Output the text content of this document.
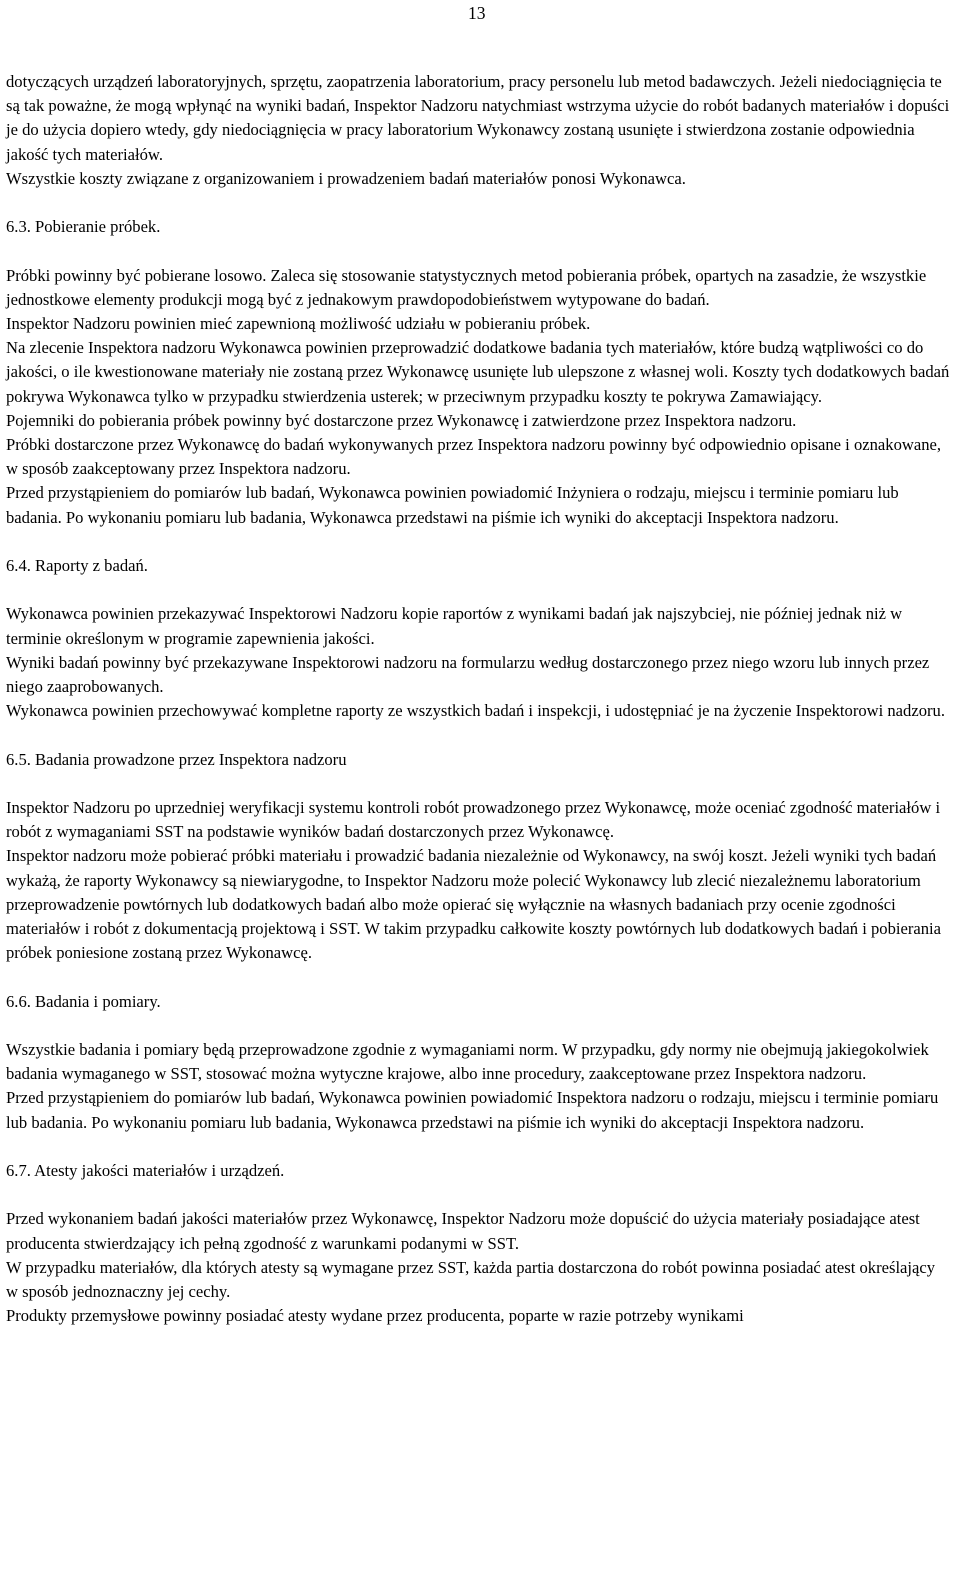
13

dotyczących urządzeń laboratoryjnych, sprzętu, zaopatrzenia laboratorium, pracy personelu lub metod badawczych. Jeżeli niedociągnięcia te są tak poważne, że mogą wpłynąć na wyniki badań, Inspektor Nadzoru natychmiast wstrzyma użycie do robót badanych materiałów i dopuści je do użycia dopiero wtedy, gdy niedociągnięcia w pracy laboratorium Wykonawcy zostaną usunięte i stwierdzona zostanie odpowiednia jakość tych materiałów.

Wszystkie koszty związane z organizowaniem i prowadzeniem badań materiałów ponosi Wykonawca.

6.3. Pobieranie próbek.

Próbki powinny być pobierane losowo. Zaleca się stosowanie statystycznych metod pobierania próbek, opartych na zasadzie, że wszystkie jednostkowe elementy produkcji mogą być z jednakowym prawdopodobieństwem wytypowane do badań.

Inspektor Nadzoru powinien mieć zapewnioną możliwość udziału w pobieraniu próbek.

Na zlecenie Inspektora nadzoru Wykonawca powinien przeprowadzić dodatkowe badania tych materiałów, które budzą wątpliwości co do jakości, o ile kwestionowane materiały nie zostaną przez Wykonawcę usunięte lub ulepszone z własnej woli. Koszty tych dodatkowych badań pokrywa Wykonawca tylko w przypadku stwierdzenia usterek; w przeciwnym przypadku koszty te pokrywa Zamawiający.

Pojemniki do pobierania próbek powinny być dostarczone przez Wykonawcę i zatwierdzone przez Inspektora nadzoru.

Próbki dostarczone przez Wykonawcę do badań wykonywanych przez Inspektora nadzoru powinny być odpowiednio opisane i oznakowane, w sposób zaakceptowany przez Inspektora nadzoru.

Przed przystąpieniem do pomiarów lub badań, Wykonawca powinien powiadomić Inżyniera o rodzaju, miejscu i terminie pomiaru lub badania. Po wykonaniu pomiaru lub badania, Wykonawca przedstawi na piśmie ich wyniki do akceptacji Inspektora nadzoru.

6.4. Raporty z badań.

Wykonawca powinien przekazywać Inspektorowi Nadzoru kopie raportów z wynikami badań jak najszybciej, nie później jednak niż w terminie określonym w programie zapewnienia jakości.

Wyniki badań powinny być przekazywane Inspektorowi nadzoru na formularzu według dostarczonego przez niego wzoru lub innych przez niego zaaprobowanych.

Wykonawca powinien przechowywać kompletne raporty ze wszystkich badań i inspekcji, i udostępniać je na życzenie Inspektorowi nadzoru.

6.5. Badania prowadzone przez Inspektora nadzoru

Inspektor Nadzoru po uprzedniej weryfikacji systemu kontroli robót prowadzonego przez Wykonawcę, może oceniać zgodność materiałów i robót z wymaganiami SST na podstawie wyników badań dostarczonych przez Wykonawcę.

Inspektor nadzoru może pobierać próbki materiału i prowadzić badania niezależnie od Wykonawcy, na swój koszt. Jeżeli wyniki tych badań wykażą, że raporty Wykonawcy są niewiarygodne, to Inspektor Nadzoru może polecić Wykonawcy lub zlecić niezależnemu laboratorium przeprowadzenie powtórnych lub dodatkowych badań albo może opierać się wyłącznie na własnych badaniach przy ocenie zgodności materiałów i robót z dokumentacją projektową i SST. W takim przypadku całkowite koszty powtórnych lub dodatkowych badań i pobierania próbek poniesione zostaną przez Wykonawcę.

6.6. Badania i pomiary.

Wszystkie badania i pomiary będą przeprowadzone zgodnie z wymaganiami norm. W przypadku, gdy normy nie obejmują jakiegokolwiek badania wymaganego w SST, stosować można wytyczne krajowe, albo inne procedury, zaakceptowane przez Inspektora nadzoru.

Przed przystąpieniem do pomiarów lub badań, Wykonawca powinien powiadomić Inspektora nadzoru o rodzaju, miejscu i terminie pomiaru lub badania. Po wykonaniu pomiaru lub badania, Wykonawca przedstawi na piśmie ich wyniki do akceptacji Inspektora nadzoru.

6.7. Atesty jakości materiałów i urządzeń.

Przed wykonaniem badań jakości materiałów przez Wykonawcę, Inspektor Nadzoru może dopuścić do użycia materiały posiadające atest producenta stwierdzający ich pełną zgodność z warunkami podanymi w SST.

W przypadku materiałów, dla których atesty są wymagane przez SST, każda partia dostarczona do robót powinna posiadać atest określający w sposób jednoznaczny jej cechy.

Produkty przemysłowe powinny posiadać atesty wydane przez producenta, poparte w razie potrzeby wynikami
